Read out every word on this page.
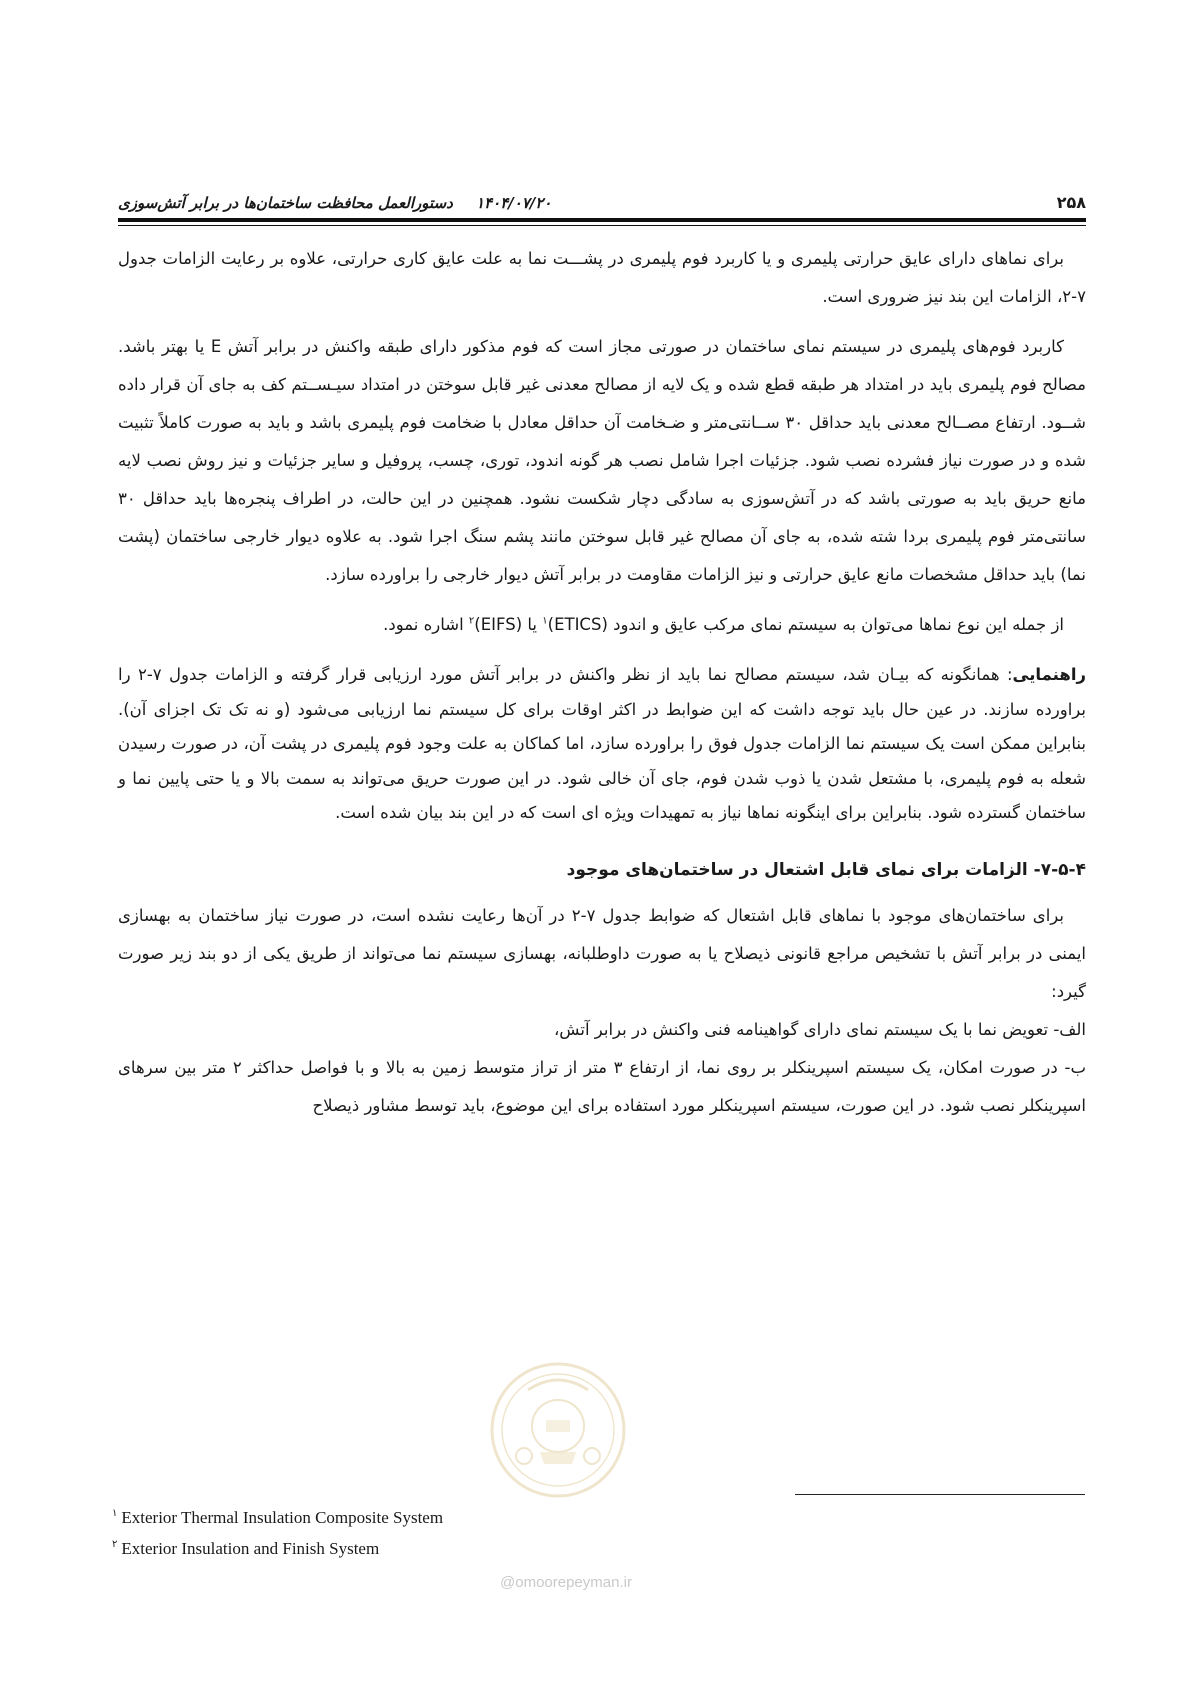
۲۵۸
۱۴۰۴/۰۷/۲۰
دستورالعمل محافظت ساختمان‌ها در برابر آتش‌سوزی

برای نماهای دارای عایق حرارتی پلیمری و یا کاربرد فوم پلیمری در پشـــت نما به علت عایق کاری حرارتی، علاوه بر رعایت الزامات جدول ۷-۲، الزامات این بند نیز ضروری است.

کاربرد فوم‌های پلیمری در سیستم نمای ساختمان در صورتی مجاز است که فوم مذکور دارای طبقه واکنش در برابر آتش E یا بهتر باشد. مصالح فوم پلیمری باید در امتداد هر طبقه قطع شده و یک لایه از مصالح معدنی غیر قابل سوختن در امتداد سیـســتم کف به جای آن قرار داده شــود. ارتفاع مصــالح معدنی باید حداقل ۳۰ ســانتی‌متر و ضـخامت آن حداقل معادل با ضخامت فوم پلیمری باشد و باید به صورت کاملاً تثبیت شده و در صورت نیاز فشرده نصب شود. جزئیات اجرا شامل نصب هر گونه اندود، توری، چسب، پروفیل و سایر جزئیات و نیز روش نصب لایه مانع حریق باید به صورتی باشد که در آتش‌سوزی به سادگی دچار شکست نشود. همچنین در این حالت، در اطراف پنجره‌ها باید حداقل ۳۰ سانتی‌متر فوم پلیمری بردا شته شده، به جای آن مصالح غیر قابل سوختن مانند پشم سنگ اجرا شود. به علاوه دیوار خارجی ساختمان (پشت نما) باید حداقل مشخصات مانع عایق حرارتی و نیز الزامات مقاومت در برابر آتش دیوار خارجی را براورده سازد.

از جمله این نوع نماها می‌توان به سیستم نمای مرکب عایق و اندود (ETICS)$^۱$ یا (EIFS)$^۲$ اشاره نمود.

راهنمایی: همانگونه که بیـان شد، سیستم مصالح نما باید از نظر واکنش در برابر آتش مورد ارزیابی قرار گرفته و الزامات جدول ۷-۲ را براورده سازند. در عین حال باید توجه داشت که این ضوابط در اکثر اوقات برای کل سیستم نما ارزیابی می‌شود (و نه تک تک اجزای آن). بنابراین ممکن است یک سیستم نما الزامات جدول فوق را براورده سازد، اما کماکان به علت وجود فوم پلیمری در پشت آن، در صورت رسیدن شعله به فوم پلیمری، با مشتعل شدن یا ذوب شدن فوم، جای آن خالی شود. در این صورت حریق می‌تواند به سمت بالا و یا حتی پایین نما و ساختمان گسترده شود. بنابراین برای اینگونه نماها نیاز به تمهیدات ویژه ای است که در این بند بیان شده است.

۷-۵-۴- الزامات برای نمای قابل اشتعال در ساختمان‌های موجود

برای ساختمان‌های موجود با نماهای قابل اشتعال که ضوابط جدول ۷-۲ در آن‌ها رعایت نشده است، در صورت نیاز ساختمان به بهسازی ایمنی در برابر آتش با تشخیص مراجع قانونی ذیصلاح یا به صورت داوطلبانه، بهسازی سیستم نما می‌تواند از طریق یکی از دو بند زیر صورت گیرد:

الف- تعویض نما با یک سیستم نمای دارای گواهینامه فنی واکنش در برابر آتش،

ب- در صورت امکان، یک سیستم اسپرینکلر بر روی نما، از ارتفاع ۳ متر از تراز متوسط زمین به بالا و با فواصل حداکثر ۲ متر بین سرهای اسپرینکلر نصب شود. در این صورت، سیستم اسپرینکلر مورد استفاده برای این موضوع، باید توسط مشاور ذیصلاح

$^۱$ Exterior Thermal Insulation Composite System
$^۲$ Exterior Insulation and Finish System
@omoorepeyman.ir
